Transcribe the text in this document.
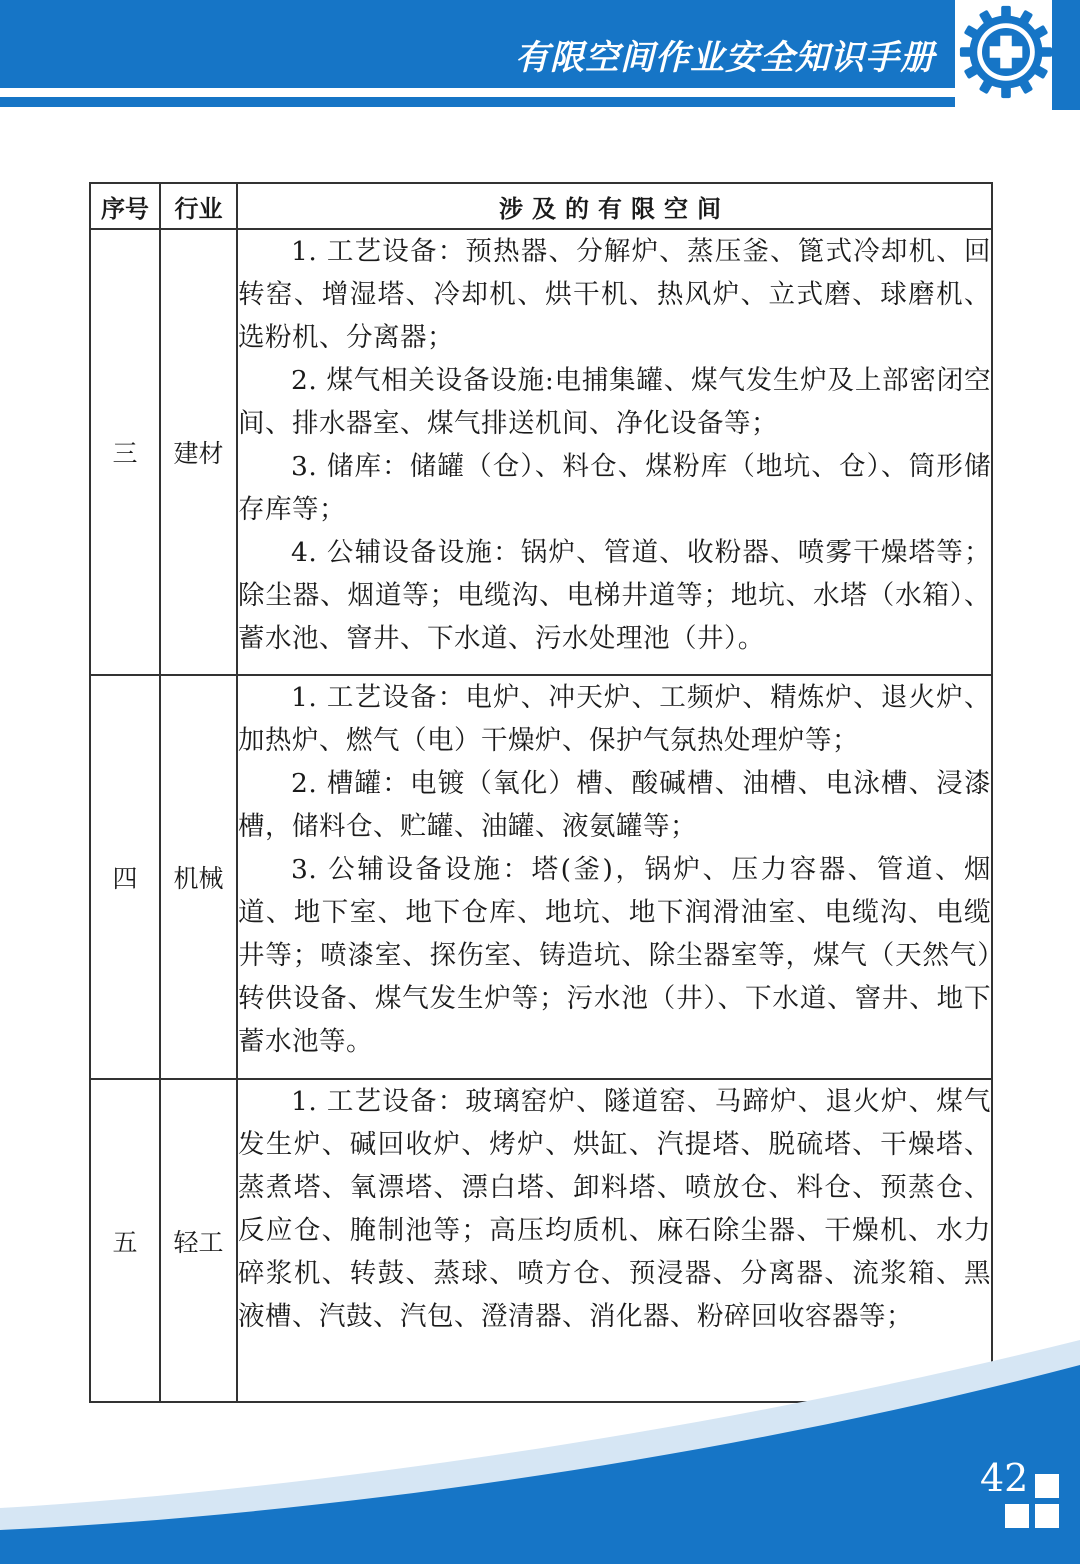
有限空间作业安全知识手册
序号	行业	涉及的有限空间
三	建材	1. 工艺设备：预热器、分解炉、蒸压釜、篦式冷却机、回转窑、增湿塔、冷却机、烘干机、热风炉、立式磨、球磨机、选粉机、分离器；

2. 煤气相关设备设施:电捕集罐、煤气发生炉及上部密闭空间、排水器室、煤气排送机间、净化设备等；

3. 储库：储罐（仓）、料仓、煤粉库（地坑、仓）、筒形储存库等；

4. 公辅设备设施：锅炉、管道、收粉器、喷雾干燥塔等；除尘器、烟道等；电缆沟、电梯井道等；地坑、水塔（水箱）、蓄水池、窨井、下水道、污水处理池（井）。

四	机械	1. 工艺设备：电炉、冲天炉、工频炉、精炼炉、退火炉、加热炉、燃气（电）干燥炉、保护气氛热处理炉等；

2. 槽罐：电镀（氧化）槽、酸碱槽、油槽、电泳槽、浸漆槽，储料仓、贮罐、油罐、液氨罐等；

3. 公辅设备设施：塔(釜)，锅炉、压力容器、管道、烟道、地下室、地下仓库、地坑、地下润滑油室、电缆沟、电缆井等；喷漆室、探伤室、铸造坑、除尘器室等，煤气（天然气）转供设备、煤气发生炉等；污水池（井）、下水道、窨井、地下蓄水池等。

五	轻工	1. 工艺设备：玻璃窑炉、隧道窑、马蹄炉、退火炉、煤气发生炉、碱回收炉、烤炉、烘缸、汽提塔、脱硫塔、干燥塔、蒸煮塔、氧漂塔、漂白塔、卸料塔、喷放仓、料仓、预蒸仓、反应仓、腌制池等；高压均质机、麻石除尘器、干燥机、水力碎浆机、转鼓、蒸球、喷方仓、预浸器、分离器、流浆箱、黑液槽、汽鼓、汽包、澄清器、消化器、粉碎回收容器等；

42
